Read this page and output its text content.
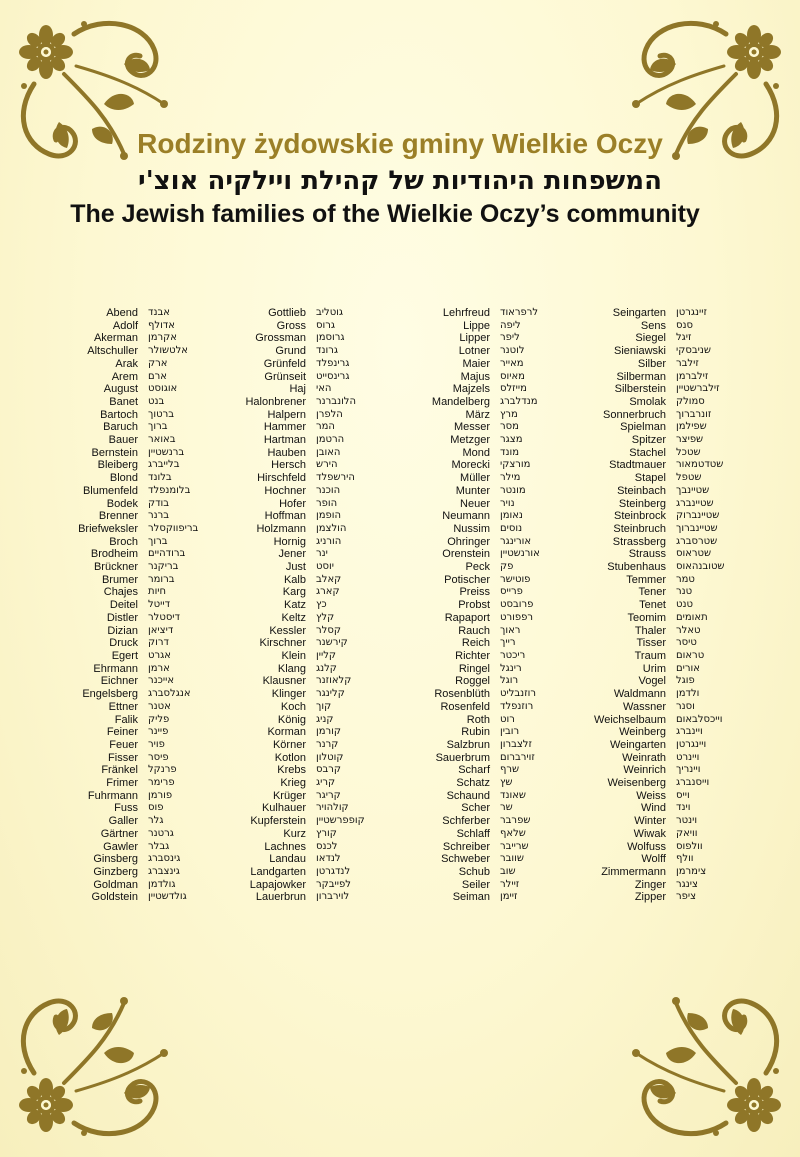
Rodziny żydowskie gminy Wielkie Oczy
המשפחות היהודיות של קהילת ויילקיה אוצ'י
The Jewish families of the Wielkie Oczy’s community
Abend אבנד
Adolf אדולף
Akerman אקרמן
Altschuller אלטשולר
Arak ארק
Arem ארם
August אוגוסט
Banet בנט
Bartoch ברטוך
Baruch ברוך
Bauer באואר
Bernstein ברנשטיין
Bleiberg בלייברג
Blond בלונד
Blumenfeld בלומנפלד
Bodek בודק
Brenner ברנר
Briefweksler בריפווקסלר
Broch ברוך
Brodheim ברודהיים
Brückner בריקנר
Brumer ברומר
Chajes חיות
Deitel דייטל
Distler דיסטלר
Dizian דיציאן
Druck דרוק
Egert אגרט
Ehrmann ארמן
Eichner אייכנר
Engelsberg אנגלסברג
Ettner אטנר
Falik פליק
Feiner פיינר
Feuer פויר
Fisser פיסר
Fränkel פרנקל
Frimer פרימר
Fuhrmann פורמן
Fuss פוס
Galler גלר
Gärtner גרטנר
Gawler גבלר
Ginsberg גינסברג
Ginzberg גינצברג
Goldman גולדמן
Goldstein גולדשטיין
Gottlieb גוטליב
Gross גרוס
Grossman גרוסמן
Grund גרונד
Grünfeld גרינפלד
Grünseit גרינסייט
Haj האי
Halonbrener הלונברנר
Halpern הלפרן
Hammer המר
Hartman הרטמן
Hauben האובן
Hersch הירש
Hirschfeld הירשפלד
Hochner הוכנר
Hofer הופר
Hoffman הופמן
Holzmann הולצמן
Hornig הורניג
Jener ינר
Just יוסט
Kalb קאלב
Karg קארג
Katz כץ
Keltz קלץ
Kessler קסלר
Kirschner קירשנר
Klein קליין
Klang קלנג
Klausner קלאוזנר
Klinger קלינגר
Koch קוך
König קניג
Korman קורמן
Körner קרנר
Kotlon קוטלון
Krebs קרבס
Krieg קריג
Krüger קריגר
Kulhauer קולהויר
Kupferstein קופפרשטיין
Kurz קורץ
Lachnes לכנס
Landau לנדאו
Landgarten לנדגרטן
Lapajowker לפייבקר
Lauerbrun לוירברון
Lehrfreud לרפראוד
Lippe ליפה
Lipper ליפר
Lotner לוטנר
Maier מאייר
Majus מאיוס
Majzels מייזלס
Mandelberg מנדלברג
März מרץ
Messer מסר
Metzger מצגר
Mond מונד
Morecki מורצקי
Müller מילר
Munter מונטר
Neuer נויר
Neumann נאומן
Nussim נוסים
Ohringer אורינגר
Orenstein אורנשטיין
Peck פק
Potischer פוטישר
Preiss פרייס
Probst פרובסט
Rapaport רפפורט
Rauch ראוך
Reich רייך
Richter ריכטר
Ringel רינגל
Roggel רוגל
Rosenblüth רוזנבליט
Rosenfeld רוזנפלד
Roth רוט
Rubin רובין
Salzbrun זלצברון
Sauerbrum זוירברום
Scharf שרף
Schatz שץ
Schaund שאונד
Scher שר
Schferber שפרבר
Schlaff שלאף
Schreiber שרייבר
Schweber שוובר
Schub שוב
Seiler זיילר
Seiman זיימן
Seingarten זיינגרטן
Sens סנס
Siegel זיגל
Sieniawski שניבסקי
Silber זילבר
Silberman זילברמן
Silberstein זילברשטיין
Smolak סמולק
Sonnerbruch זונרברוך
Spielman שפילמן
Spitzer שפיצר
Stachel שטכל
Stadtmauer שטדטמאור
Stapel שטפל
Steinbach שטיינבך
Steinberg שטיינברג
Steinbrock שטיינברוק
Steinbruch שטיינברוך
Strassberg שטרסברג
Strauss שטראוס
Stubenhaus שטובנהאוס
Temmer טמר
Tener טנר
Tenet טנט
Teomim תאומים
Thaler טאלר
Tisser טיסר
Traum טראום
Urim אורים
Vogel פוגל
Waldmann ולדמן
Wassner וסנר
Weichselbaum וייכסלבאום
Weinberg ויינברג
Weingarten ויינגרטן
Weinrath ויינרט
Weinrich ויינריך
Weisenberg וייסנברג
Weiss וייס
Wind וינד
Winter וינטר
Wiwak וויאק
Wolfuss וולפוס
Wolff וולף
Zimmermann צימרמן
Zinger צינגר
Zipper ציפר
